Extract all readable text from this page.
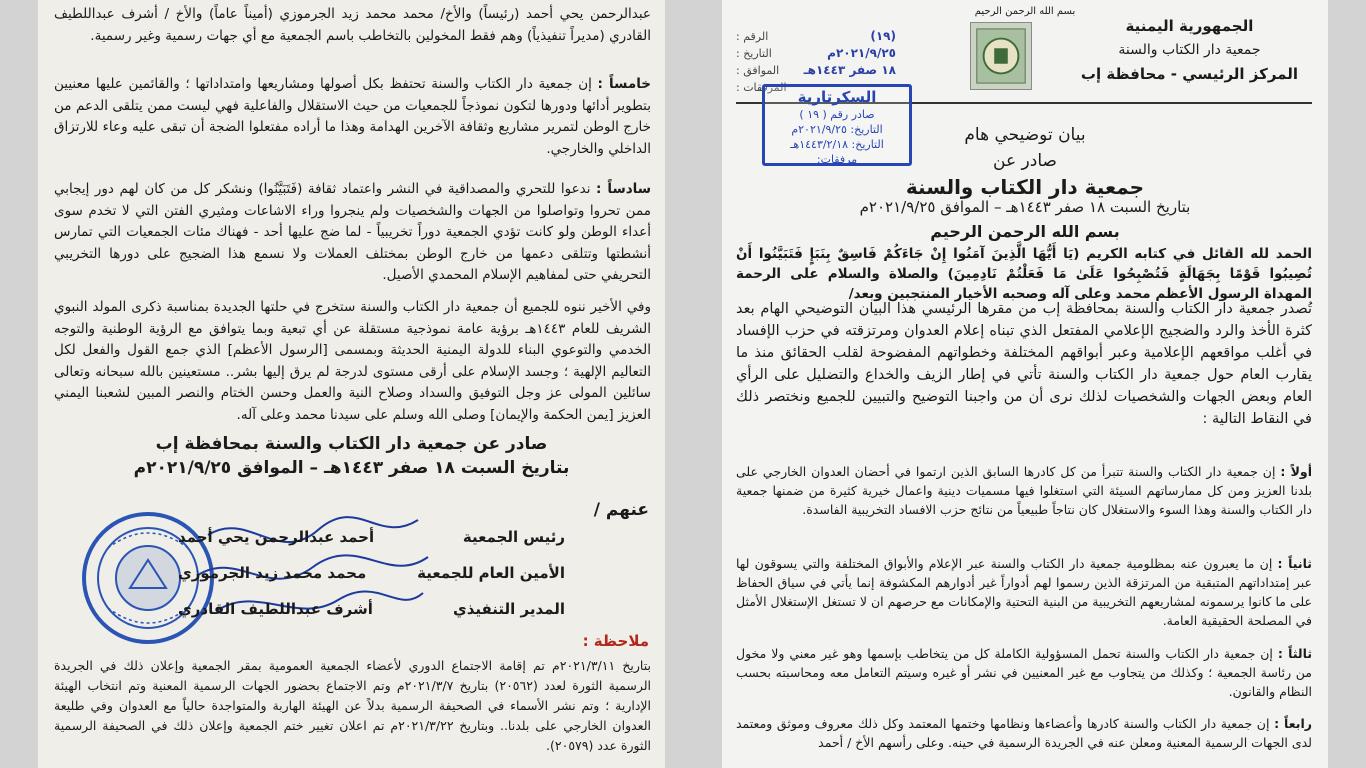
عبدالرحمن يحي أحمد (رئيساً) والأخ/ محمد محمد زيد الجرموزي (أميناً عاماً) والأخ / أشرف عبداللطيف القادري (مديراً تنفيذياً) وهم فقط المخولين بالتخاطب باسم الجمعية مع أي جهات رسمية وغير رسمية.

خامساً : إن جمعية دار الكتاب والسنة تحتفظ بكل أصولها ومشاريعها وامتداداتها ؛ والقائمين عليها معنيين بتطوير أدائها ودورها لتكون نموذجاً للجمعيات من حيث الاستقلال والفاعلية فهي ليست ممن يتلقى الدعم من خارج الوطن لتمرير مشاريع وثقافة الآخرين الهدامة وهذا ما أراده مفتعلوا الضجة أن تبقى عليه وعاء للارتزاق الداخلي والخارجي.

سادساً : ندعوا للتحري والمصداقية في النشر واعتماد ثقافة (فَتَبَيَّنُوا) ونشكر كل من كان لهم دور إيجابي ممن تحروا وتواصلوا من الجهات والشخصيات ولم ينجروا وراء الاشاعات ومثيري الفتن التي لا تخدم سوى أعداء الوطن ولو كانت تؤدي الجمعية دوراً تخريبياً - لما ضج عليها أحد - فهناك مئات الجمعيات التي تمارس أنشطتها وتتلقى دعمها من خارج الوطن بمختلف العملات ولا نسمع هذا الضجيج على دورها التخريبي التحريفي حتى لمفاهيم الإسلام المحمدي الأصيل.

وفي الأخير ننوه للجميع أن جمعية دار الكتاب والسنة ستخرج في حلتها الجديدة بمناسبة ذكرى المولد النبوي الشريف للعام ١٤٤٣هـ برؤية عامة نموذجية مستقلة عن أي تبعية وبما يتوافق مع الرؤية الوطنية والتوجه الخدمي والتوعوي البناء للدولة اليمنية الحديثة وبمسمى [الرسول الأعظم] الذي جمع القول والفعل لكل التعاليم الإلهية ؛ وجسد الإسلام على أرقى مستوى لدرجة لم يرق إليها بشر.. مستعينين بالله سبحانه وتعالى سائلين المولى عز وجل التوفيق والسداد وصلاح النية والعمل وحسن الختام والنصر المبين لشعبنا اليمني العزيز [يمن الحكمة والإيمان] وصلى الله وسلم على سيدنا محمد وعلى آله.

صادر عن جمعية دار الكتاب والسنة بمحافظة إب
بتاريخ السبت ١٨ صفر ١٤٤٣هـ – الموافق ٢٠٢١/٩/٢٥م
عنهم /
رئيس الجمعية
أحمد عبدالرحمن يحي أحمد
الأمين العام للجمعية
محمد محمد زيد الجرموزي
المدير التنفيذي
أشرف عبداللطيف القادري
ملاحظة :

بتاريخ ٢٠٢١/٣/١١م تم إقامة الاجتماع الدوري لأعضاء الجمعية العمومية بمقر الجمعية وإعلان ذلك في الجريدة الرسمية الثورة لعدد (٢٠٥٦٢) بتاريخ ٢٠٢١/٣/٧م وتم الاجتماع بحضور الجهات الرسمية المعنية وتم انتخاب الهيئة الإدارية ؛ وتم نشر الأسماء في الصحيفة الرسمية بدلاً عن الهيئة الهاربة والمتواجدة حالياً مع العدوان وفي طليعة العدوان الخارجي على بلدنا.. وبتاريخ ٢٠٢١/٣/٢٢م تم اعلان تغيير ختم الجمعية وإعلان ذلك في الصحيفة الرسمية الثورة عدد (٢٠٥٧٩).

بسم الله الرحمن الرحيم
الجمهورية اليمنية
جمعية دار الكتاب والسنة
المركز الرئيسي - محافظة إب
(١٩)
الرقم :
٢٠٢١/٩/٢٥م
التاريخ :
١٨ صفر ١٤٤٣هـ
الموافق :
المرفقات :
السكرتارية
صادر رقم ( ١٩ )
التاريخ: ٢٠٢١/٩/٢٥م
التاريخ: ١٤٤٣/٢/١٨هـ
مرفقات:
بيان توضيحي هام
صادر عن
جمعية دار الكتاب والسنة
بتاريخ السبت ١٨ صفر ١٤٤٣هـ – الموافق ٢٠٢١/٩/٢٥م
بسم الله الرحمن الرحيم

الحمد لله القائل في كتابه الكريم (يَا أَيُّهَا الَّذِينَ آمَنُوا إِنْ جَاءَكُمْ فَاسِقٌ بِنَبَإٍ فَتَبَيَّنُوا أَنْ تُصِيبُوا قَوْمًا بِجَهَالَةٍ فَتُصْبِحُوا عَلَىٰ مَا فَعَلْتُمْ نَادِمِينَ) والصلاة والسلام على الرحمة المهداة الرسول الأعظم محمد وعلى آله وصحبه الأخيار المنتجبين وبعد/

تُصدر جمعية دار الكتاب والسنة بمحافظة إب من مقرها الرئيسي هذا البيان التوضيحي الهام بعد كثرة الأخذ والرد والضجيج الإعلامي المفتعل الذي تبناه إعلام العدوان ومرتزقته في حزب الإفساد في أغلب مواقعهم الإعلامية وعبر أبواقهم المختلفة وخطواتهم المفضوحة لقلب الحقائق منذ ما يقارب العام حول جمعية دار الكتاب والسنة تأتي في إطار الزيف والخداع والتضليل على الرأي العام وبعض الجهات والشخصيات لذلك نرى أن من واجبنا التوضيح والتبيين للجميع ونختصر ذلك في النقاط التالية :

أولاً : إن جمعية دار الكتاب والسنة تتبرأ من كل كادرها السابق الذين ارتموا في أحضان العدوان الخارجي على بلدنا العزيز ومن كل ممارساتهم السيئة التي استغلوا فيها مسميات دينية واعمال خيرية كثيرة من ضمنها جمعية دار الكتاب والسنة وهذا السوء والاستغلال كان نتاجاً طبيعياً من نتائج حزب الافساد التخريبية الفاسدة.

ثانياً : إن ما يعبرون عنه بمظلومية جمعية دار الكتاب والسنة عبر الإعلام والأبواق المختلفة والتي يسوقون لها عبر إمتداداتهم المتبقية من المرتزقة الذين رسموا لهم أدواراً غير أدوارهم المكشوفة إنما يأتي في سياق الحفاظ على ما كانوا يرسمونه لمشاريعهم التخريبية من البنية التحتية والإمكانات مع حرصهم ان لا تستغل الإستغلال الأمثل في المصلحة الحقيقية العامة.

ثالثاً : إن جمعية دار الكتاب والسنة تحمل المسؤولية الكاملة كل من يتخاطب بإسمها وهو غير معني ولا مخول من رئاسة الجمعية ؛ وكذلك من يتجاوب مع غير المعنيين في نشر أو غيره وسيتم التعامل معه ومحاسبته بحسب النظام والقانون.

رابعاً : إن جمعية دار الكتاب والسنة كادرها وأعضاءها ونظامها وختمها المعتمد وكل ذلك معروف وموثق ومعتمد لدى الجهات الرسمية المعنية ومعلن عنه في الجريدة الرسمية في حينه. وعلى رأسهم الأخ / أحمد
